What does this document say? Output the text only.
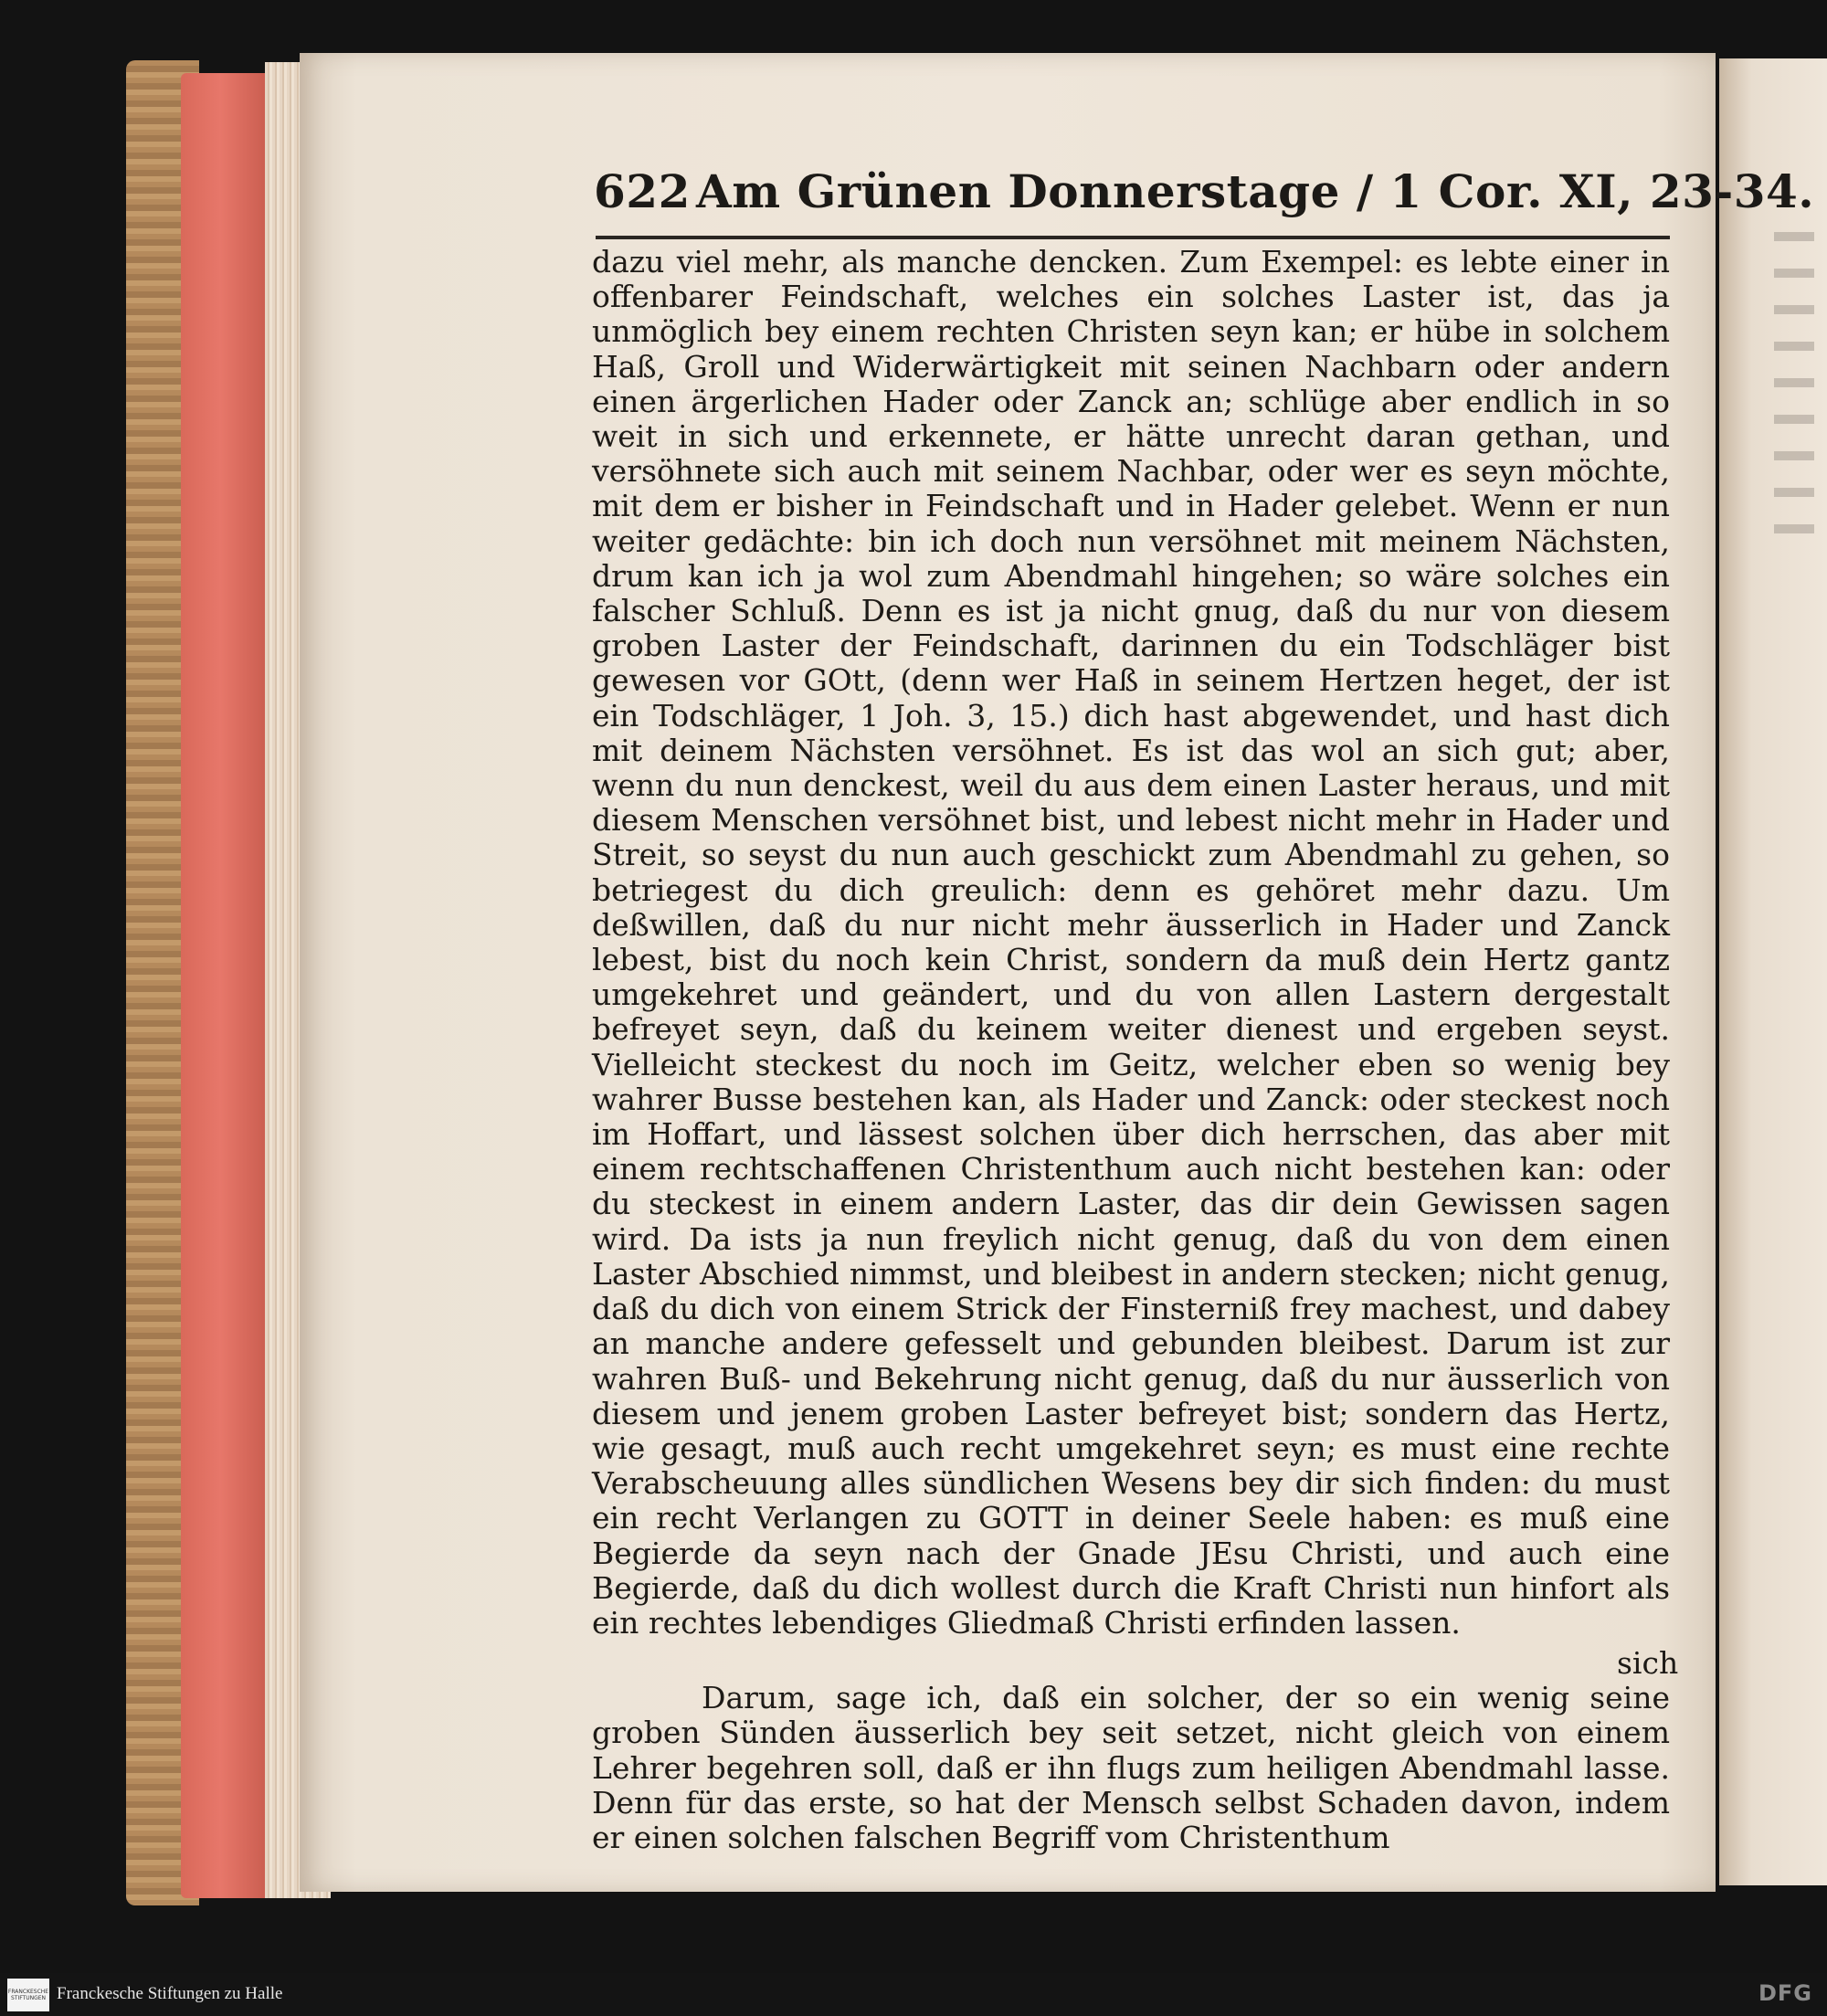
622 Am Grünen Donnerstage / 1 Cor. XI, 23-34.

dazu viel mehr, als manche dencken. Zum Exempel: es lebte einer in offenbarer Feindschaft, welches ein solches Laster ist, das ja unmöglich bey einem rechten Christen seyn kan; er hübe in solchem Haß, Groll und Widerwärtigkeit mit seinen Nachbarn oder andern einen ärgerlichen Hader oder Zanck an; schlüge aber endlich in so weit in sich und erkennete, er hätte unrecht daran gethan, und versöhnete sich auch mit seinem Nachbar, oder wer es seyn möchte, mit dem er bisher in Feindschaft und in Hader gelebet. Wenn er nun weiter gedächte: bin ich doch nun versöhnet mit meinem Nächsten, drum kan ich ja wol zum Abendmahl hingehen; so wäre solches ein falscher Schluß. Denn es ist ja nicht gnug, daß du nur von diesem groben Laster der Feindschaft, darinnen du ein Todschläger bist gewesen vor GOtt, (denn wer Haß in seinem Hertzen heget, der ist ein Todschläger, 1 Joh. 3, 15.) dich hast abgewendet, und hast dich mit deinem Nächsten versöhnet. Es ist das wol an sich gut; aber, wenn du nun denckest, weil du aus dem einen Laster heraus, und mit diesem Menschen versöhnet bist, und lebest nicht mehr in Hader und Streit, so seyst du nun auch geschickt zum Abendmahl zu gehen, so betriegest du dich greulich: denn es gehöret mehr dazu. Um deßwillen, daß du nur nicht mehr äusserlich in Hader und Zanck lebest, bist du noch kein Christ, sondern da muß dein Hertz gantz umgekehret und geändert, und du von allen Lastern dergestalt befreyet seyn, daß du keinem weiter dienest und ergeben seyst. Vielleicht steckest du noch im Geitz, welcher eben so wenig bey wahrer Busse bestehen kan, als Hader und Zanck: oder steckest noch im Hoffart, und lässest solchen über dich herrschen, das aber mit einem rechtschaffenen Christenthum auch nicht bestehen kan: oder du steckest in einem andern Laster, das dir dein Gewissen sagen wird. Da ists ja nun freylich nicht genug, daß du von dem einen Laster Abschied nimmst, und bleibest in andern stecken; nicht genug, daß du dich von einem Strick der Finsterniß frey machest, und dabey an manche andere gefesselt und gebunden bleibest. Darum ist zur wahren Buß- und Bekehrung nicht genug, daß du nur äusserlich von diesem und jenem groben Laster befreyet bist; sondern das Hertz, wie gesagt, muß auch recht umgekehret seyn; es must eine rechte Verabscheuung alles sündlichen Wesens bey dir sich finden: du must ein recht Verlangen zu GOTT in deiner Seele haben: es muß eine Begierde da seyn nach der Gnade JEsu Christi, und auch eine Begierde, daß du dich wollest durch die Kraft Christi nun hinfort als ein rechtes lebendiges Gliedmaß Christi erfinden lassen.

Darum, sage ich, daß ein solcher, der so ein wenig seine groben Sünden äusserlich bey seit setzet, nicht gleich von einem Lehrer begehren soll, daß er ihn flugs zum heiligen Abendmahl lasse. Denn für das erste, so hat der Mensch selbst Schaden davon, indem er einen solchen falschen Begriff vom Christenthum

sich
FRANCKESCHE STIFTUNGEN Franckesche Stiftungen zu Halle	DFG
